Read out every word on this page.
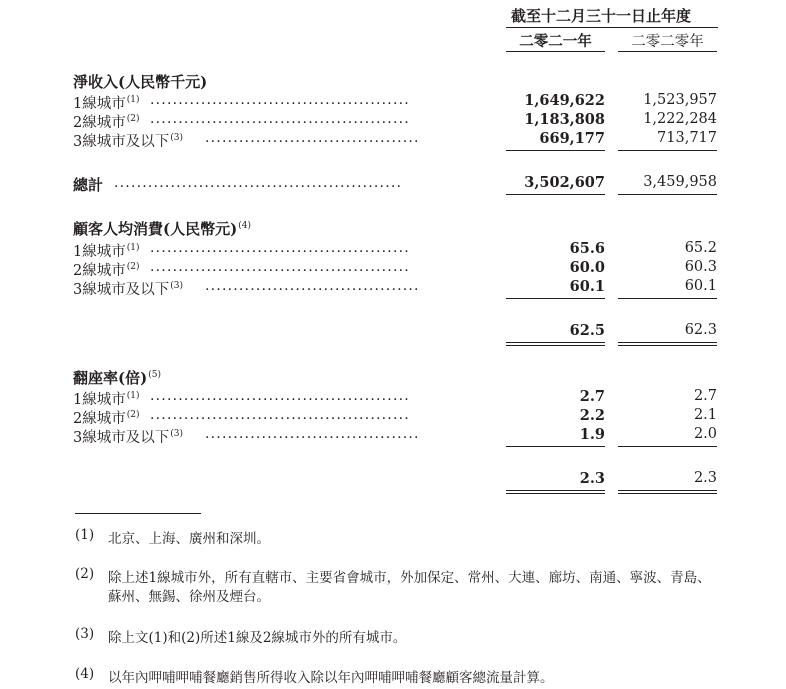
截至十二月三十一日止年度
二零二一年	二零二零年
淨收入(人民幣千元)
1線城市$^{(1)}$ ..............................................	1,649,622	1,523,957
2線城市$^{(2)}$ ..............................................	1,183,808	1,222,284
3線城市及以下$^{(3)}$ ......................................	669,177	713,717
總計 ...................................................	3,502,607	3,459,958
顧客人均消費(人民幣元)$^{(4)}$
1線城市$^{(1)}$ ..............................................	65.6	65.2
2線城市$^{(2)}$ ..............................................	60.0	60.3
3線城市及以下$^{(3)}$ ......................................	60.1	60.1
62.5	62.3
翻座率(倍)$^{(5)}$
1線城市$^{(1)}$ ..............................................	2.7	2.7
2線城市$^{(2)}$ ..............................................	2.2	2.1
3線城市及以下$^{(3)}$ ......................................	1.9	2.0
2.3	2.3
(1) 北京、上海、廣州和深圳。
(2) 除上述1線城市外，所有直轄市、主要省會城市，外加保定、常州、大連、廊坊、南通、寧波、青島、
蘇州、無錫、徐州及煙台。
(3) 除上文(1)和(2)所述1線及2線城市外的所有城市。
(4) 以年內呷哺呷哺餐廳銷售所得收入除以年內呷哺呷哺餐廳顧客總流量計算。
